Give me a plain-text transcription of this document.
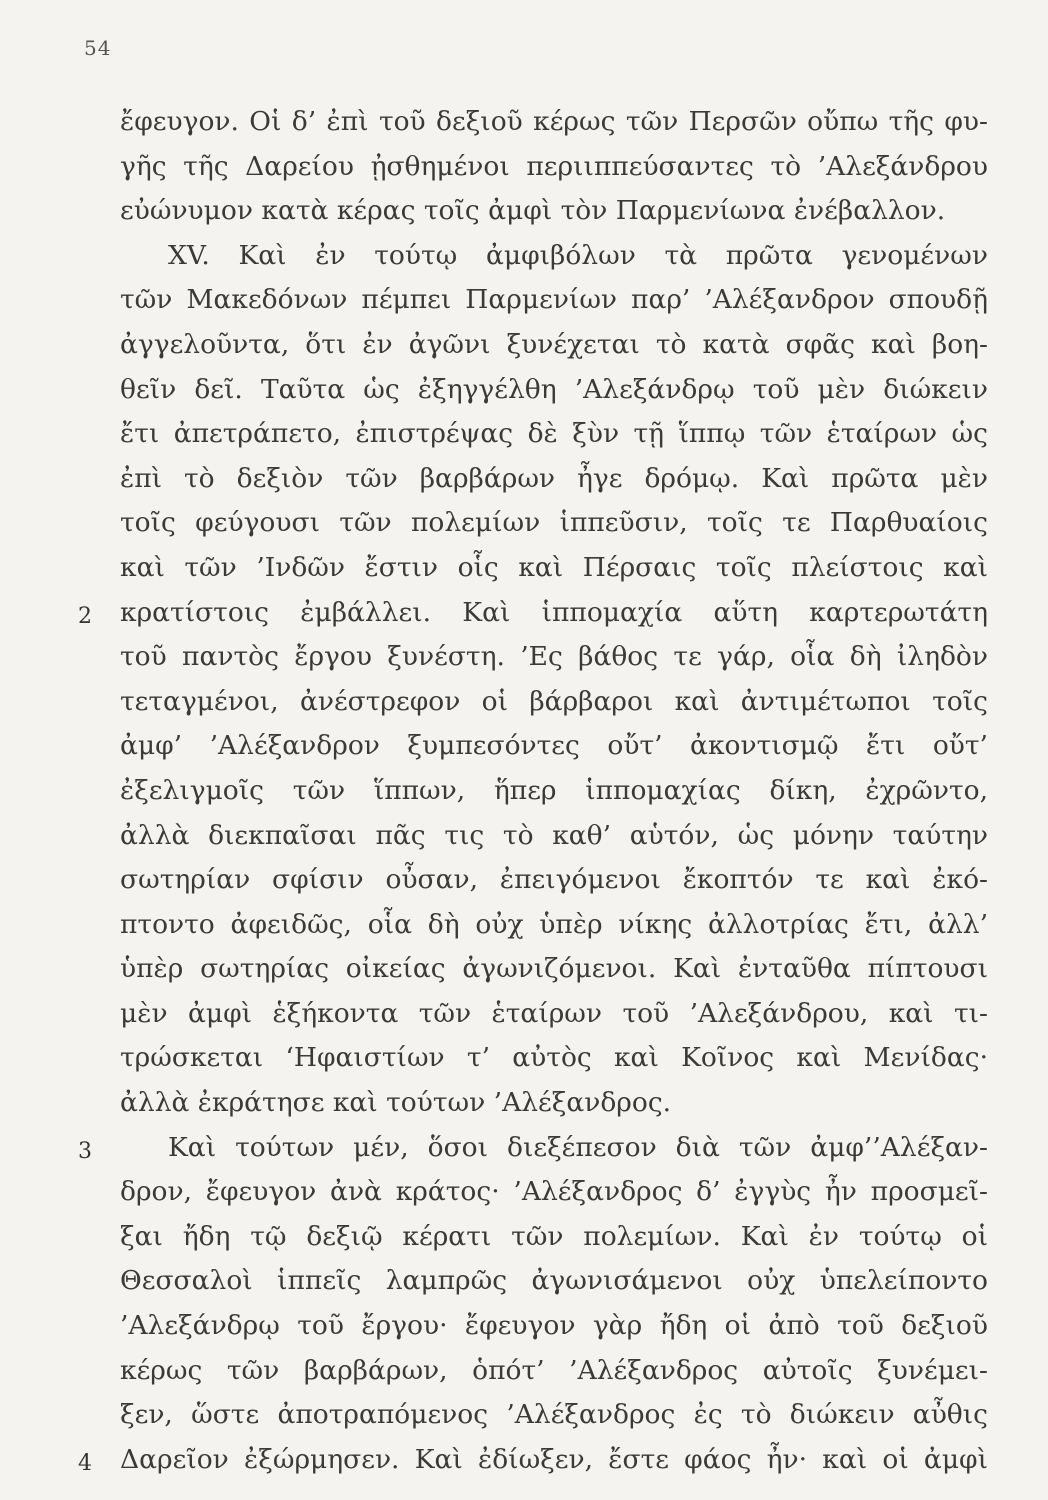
54
ἔφευγον. Οἱ δ’ ἐπὶ τοῦ δεξιοῦ κέρως τῶν Περσῶν οὔπω τῆς φυ-
γῆς τῆς Δαρείου ᾐσθημένοι περιιππεύσαντες τὸ ’Αλεξάνδρου
εὐώνυμον κατὰ κέρας τοῖς ἀμφὶ τὸν Παρμενίωνα ἐνέβαλλον.
XV. Καὶ ἐν τούτῳ ἀμφιβόλων τὰ πρῶτα γενομένων
τῶν Μακεδόνων πέμπει Παρμενίων παρ’ ’Αλέξανδρον σπουδῇ
ἀγγελοῦντα, ὅτι ἐν ἀγῶνι ξυνέχεται τὸ κατὰ σφᾶς καὶ βοη-
θεῖν δεῖ. Ταῦτα ὡς ἐξηγγέλθη ’Αλεξάνδρῳ τοῦ μὲν διώκειν
ἔτι ἀπετράπετο, ἐπιστρέψας δὲ ξὺν τῇ ἵππῳ τῶν ἑταίρων ὡς
ἐπὶ τὸ δεξιὸν τῶν βαρβάρων ἦγε δρόμῳ. Καὶ πρῶτα μὲν
τοῖς φεύγουσι τῶν πολεμίων ἱππεῦσιν, τοῖς τε Παρθυαίοις
καὶ τῶν ’Ινδῶν ἔστιν οἷς καὶ Πέρσαις τοῖς πλείστοις καὶ
2 κρατίστοις ἐμβάλλει. Καὶ ἱππομαχία αὕτη καρτερωτάτη
τοῦ παντὸς ἔργου ξυνέστη. ’Ες βάθος τε γάρ, οἷα δὴ ἰληδὸν
τεταγμένοι, ἀνέστρεφον οἱ βάρβαροι καὶ ἀντιμέτωποι τοῖς
ἀμφ’ ’Αλέξανδρον ξυμπεσόντες οὔτ’ ἀκοντισμῷ ἔτι οὔτ’
ἐξελιγμοῖς τῶν ἵππων, ἥπερ ἱππομαχίας δίκη, ἐχρῶντο,
ἀλλὰ διεκπαῖσαι πᾶς τις τὸ καθ’ αὑτόν, ὡς μόνην ταύτην
σωτηρίαν σφίσιν οὖσαν, ἐπειγόμενοι ἔκοπτόν τε καὶ ἐκό-
πτοντο ἀφειδῶς, οἷα δὴ οὐχ ὑπὲρ νίκης ἀλλοτρίας ἔτι, ἀλλ’
ὑπὲρ σωτηρίας οἰκείας ἀγωνιζόμενοι. Καὶ ἐνταῦθα πίπτουσι
μὲν ἀμφὶ ἑξήκοντα τῶν ἑταίρων τοῦ ’Αλεξάνδρου, καὶ τι-
τρώσκεται ‘Ηφαιστίων τ’ αὐτὸς καὶ Κοῖνος καὶ Μενίδας·
ἀλλὰ ἐκράτησε καὶ τούτων ’Αλέξανδρος.
3	Καὶ τούτων μέν, ὅσοι διεξέπεσον διὰ τῶν ἀμφ’’Αλέξαν-
δρον, ἔφευγον ἀνὰ κράτος· ’Αλέξανδρος δ’ ἐγγὺς ἦν προσμεῖ-
ξαι ἤδη τῷ δεξιῷ κέρατι τῶν πολεμίων. Καὶ ἐν τούτῳ οἱ
Θεσσαλοὶ ἱππεῖς λαμπρῶς ἀγωνισάμενοι οὐχ ὑπελείποντο
’Αλεξάνδρῳ τοῦ ἔργου· ἔφευγον γὰρ ἤδη οἱ ἀπὸ τοῦ δεξιοῦ
κέρως τῶν βαρβάρων, ὁπότ’ ’Αλέξανδρος αὐτοῖς ξυνέμει-
ξεν, ὥστε ἀποτραπόμενος ’Αλέξανδρος ἐς τὸ διώκειν αὖθις
4 Δαρεῖον ἐξώρμησεν. Καὶ ἐδίωξεν, ἔστε φάος ἦν· καὶ οἱ ἀμφὶ
